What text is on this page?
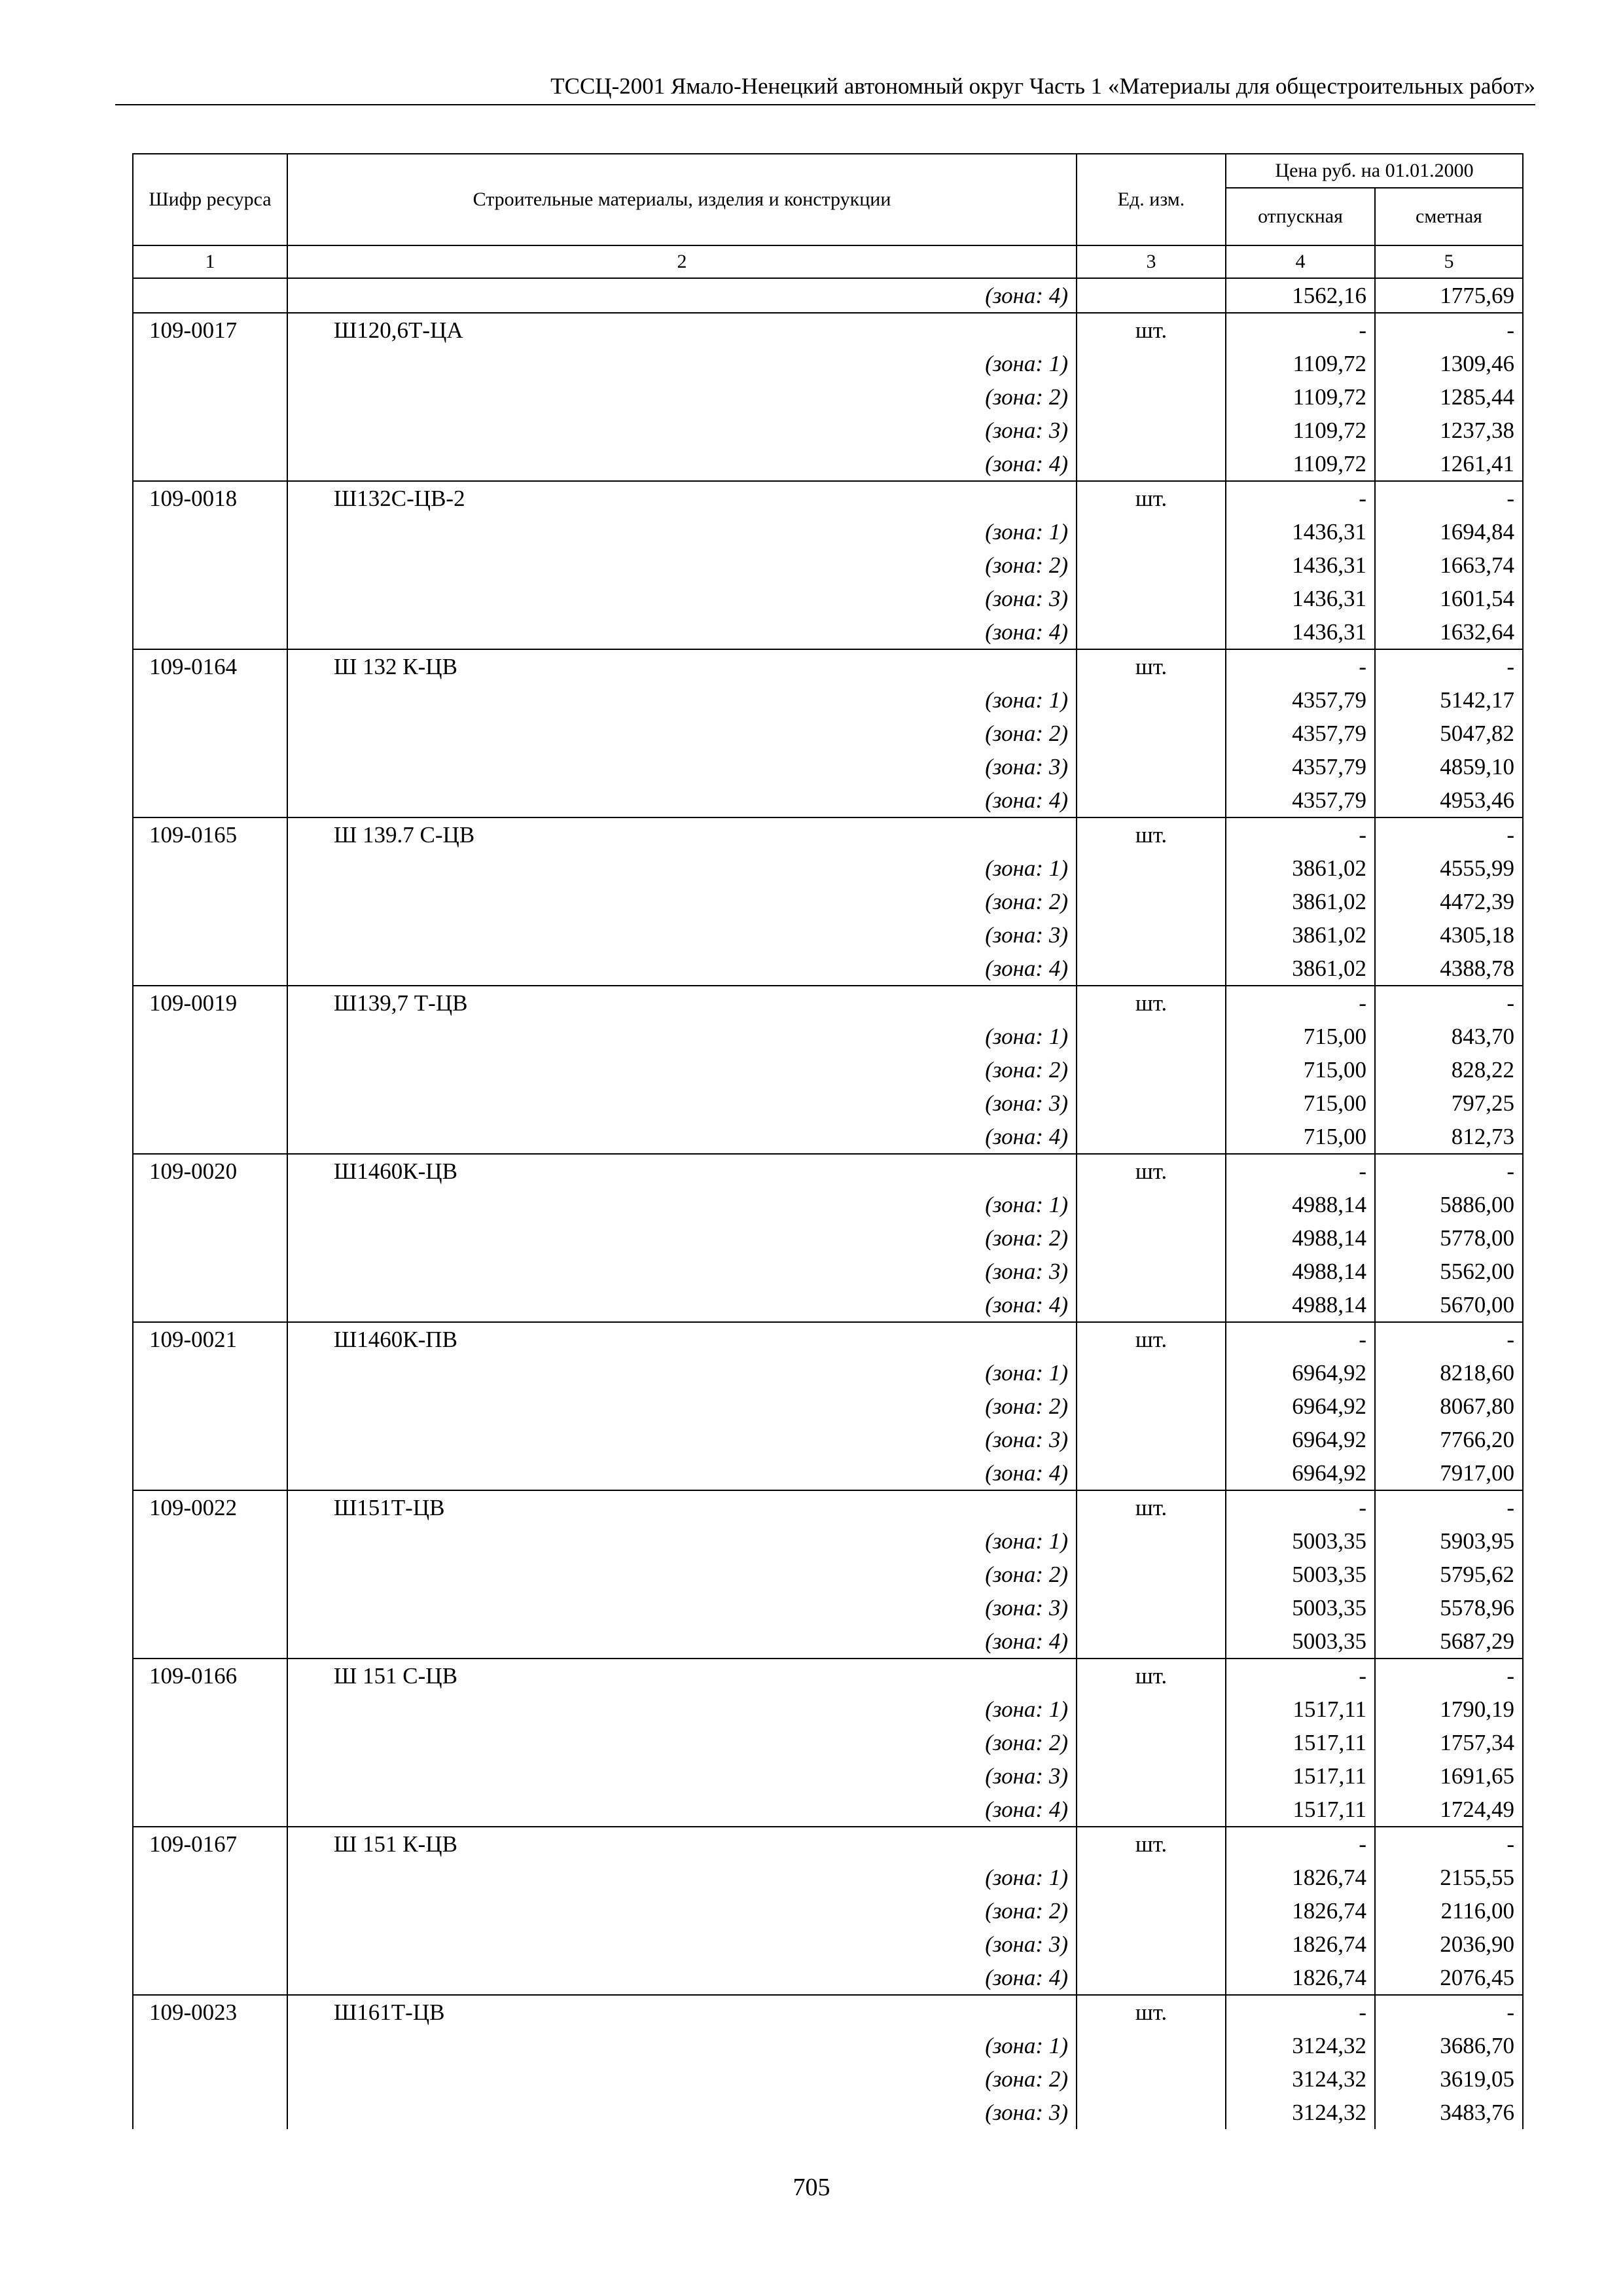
ТССЦ-2001 Ямало-Ненецкий автономный округ Часть 1 «Материалы для общестроительных работ»
Шифр ресурса	Строительные материалы, изделия и конструкции	Ед. изм.	Цена руб. на 01.01.2000	
			отпускная	сметная
1	2	3	4	5
	(зона: 4)		1562,16	1775,69
109-0017	Ш120,6Т-ЦА	шт.	-	-
	(зона: 1)		1109,72	1309,46
	(зона: 2)		1109,72	1285,44
	(зона: 3)		1109,72	1237,38
	(зона: 4)		1109,72	1261,41
109-0018	Ш132С-ЦВ-2	шт.	-	-
	(зона: 1)		1436,31	1694,84
	(зона: 2)		1436,31	1663,74
	(зона: 3)		1436,31	1601,54
	(зона: 4)		1436,31	1632,64
109-0164	Ш 132 К-ЦВ	шт.	-	-
	(зона: 1)		4357,79	5142,17
	(зона: 2)		4357,79	5047,82
	(зона: 3)		4357,79	4859,10
	(зона: 4)		4357,79	4953,46
109-0165	Ш 139.7 С-ЦВ	шт.	-	-
	(зона: 1)		3861,02	4555,99
	(зона: 2)		3861,02	4472,39
	(зона: 3)		3861,02	4305,18
	(зона: 4)		3861,02	4388,78
109-0019	Ш139,7 Т-ЦВ	шт.	-	-
	(зона: 1)		715,00	843,70
	(зона: 2)		715,00	828,22
	(зона: 3)		715,00	797,25
	(зона: 4)		715,00	812,73
109-0020	Ш1460К-ЦВ	шт.	-	-
	(зона: 1)		4988,14	5886,00
	(зона: 2)		4988,14	5778,00
	(зона: 3)		4988,14	5562,00
	(зона: 4)		4988,14	5670,00
109-0021	Ш1460К-ПВ	шт.	-	-
	(зона: 1)		6964,92	8218,60
	(зона: 2)		6964,92	8067,80
	(зона: 3)		6964,92	7766,20
	(зона: 4)		6964,92	7917,00
109-0022	Ш151Т-ЦВ	шт.	-	-
	(зона: 1)		5003,35	5903,95
	(зона: 2)		5003,35	5795,62
	(зона: 3)		5003,35	5578,96
	(зона: 4)		5003,35	5687,29
109-0166	Ш 151 С-ЦВ	шт.	-	-
	(зона: 1)		1517,11	1790,19
	(зона: 2)		1517,11	1757,34
	(зона: 3)		1517,11	1691,65
	(зона: 4)		1517,11	1724,49
109-0167	Ш 151 К-ЦВ	шт.	-	-
	(зона: 1)		1826,74	2155,55
	(зона: 2)		1826,74	2116,00
	(зона: 3)		1826,74	2036,90
	(зона: 4)		1826,74	2076,45
109-0023	Ш161Т-ЦВ	шт.	-	-
	(зона: 1)		3124,32	3686,70
	(зона: 2)		3124,32	3619,05
	(зона: 3)		3124,32	3483,76
705
